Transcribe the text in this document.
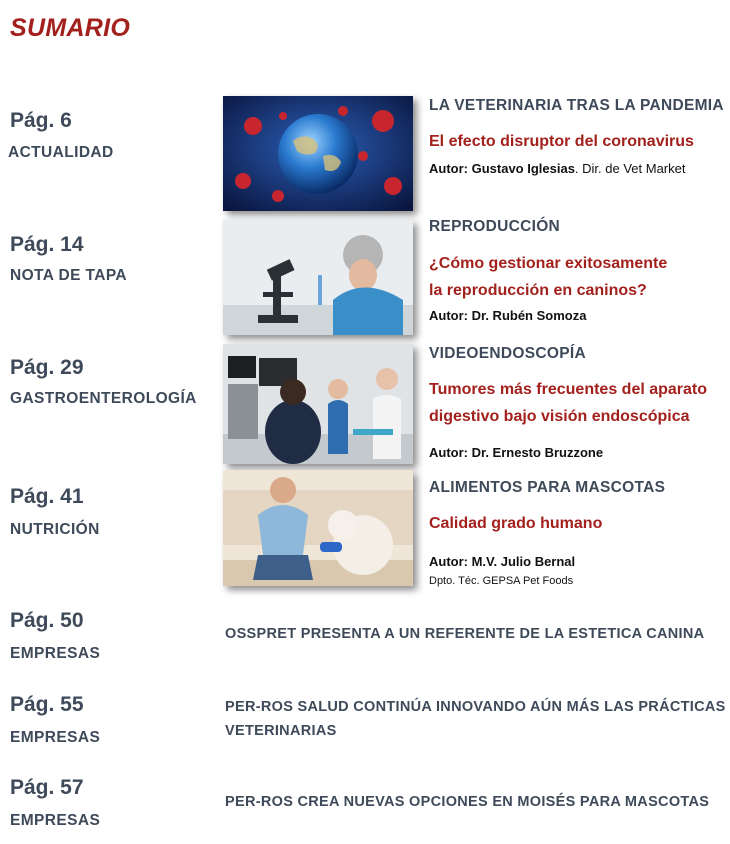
SUMARIO
Pág. 6
ACTUALIDAD
LA VETERINARIA TRAS LA PANDEMIA
El efecto disruptor del coronavirus
Autor: Gustavo Iglesias. Dir. de Vet Market
Pág. 14
NOTA DE TAPA
REPRODUCCIÓN
¿Cómo gestionar exitosamente
la reproducción en caninos?
Autor: Dr. Rubén Somoza
Pág. 29
GASTROENTEROLOGÍA
VIDEOENDOSCOPÍA
Tumores más frecuentes del aparato
digestivo bajo visión endoscópica
Autor: Dr. Ernesto Bruzzone
Pág. 41
NUTRICIÓN
ALIMENTOS PARA MASCOTAS
Calidad grado humano
Autor: M.V. Julio Bernal
Dpto. Téc. GEPSA Pet Foods
Pág. 50
EMPRESAS
OSSPRET PRESENTA A UN REFERENTE DE LA ESTETICA CANINA
Pág. 55
EMPRESAS
PER-ROS SALUD CONTINÚA INNOVANDO AÚN MÁS LAS PRÁCTICAS
VETERINARIAS
Pág. 57
EMPRESAS
PER-ROS CREA NUEVAS OPCIONES EN MOISÉS PARA MASCOTAS
